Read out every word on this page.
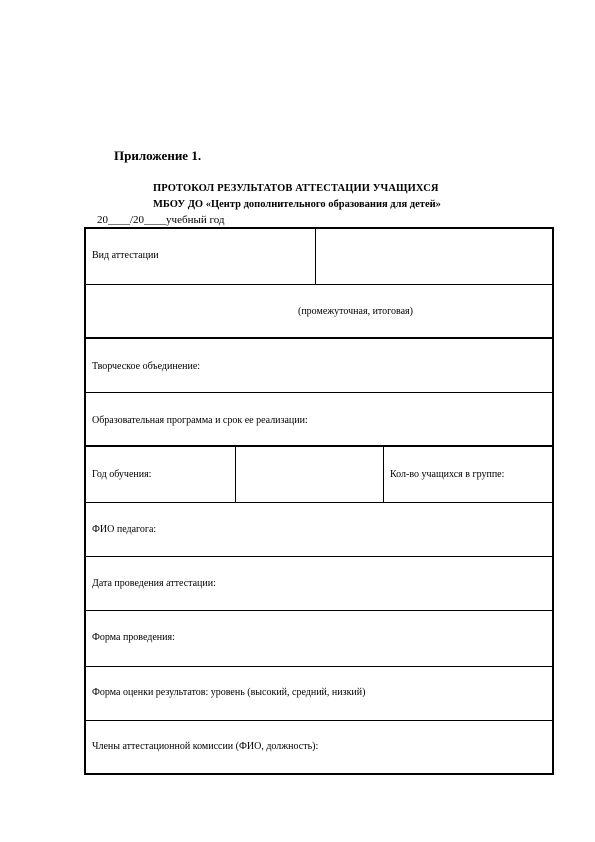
Приложение 1.
ПРОТОКОЛ РЕЗУЛЬТАТОВ АТТЕСТАЦИИ УЧАЩИХСЯ
МБОУ ДО «Центр дополнительного образования для детей»
20____/20____учебный год
Вид аттестации
(промежуточная, итоговая)
Творческое объединение:
Образовательная программа и срок ее реализации:
Год обучения:	Кол-во учащихся в группе:
ФИО педагога:
Дата проведения аттестации:
Форма проведения:
Форма оценки результатов: уровень (высокий, средний, низкий)
Члены аттестационной комиссии (ФИО, должность):
